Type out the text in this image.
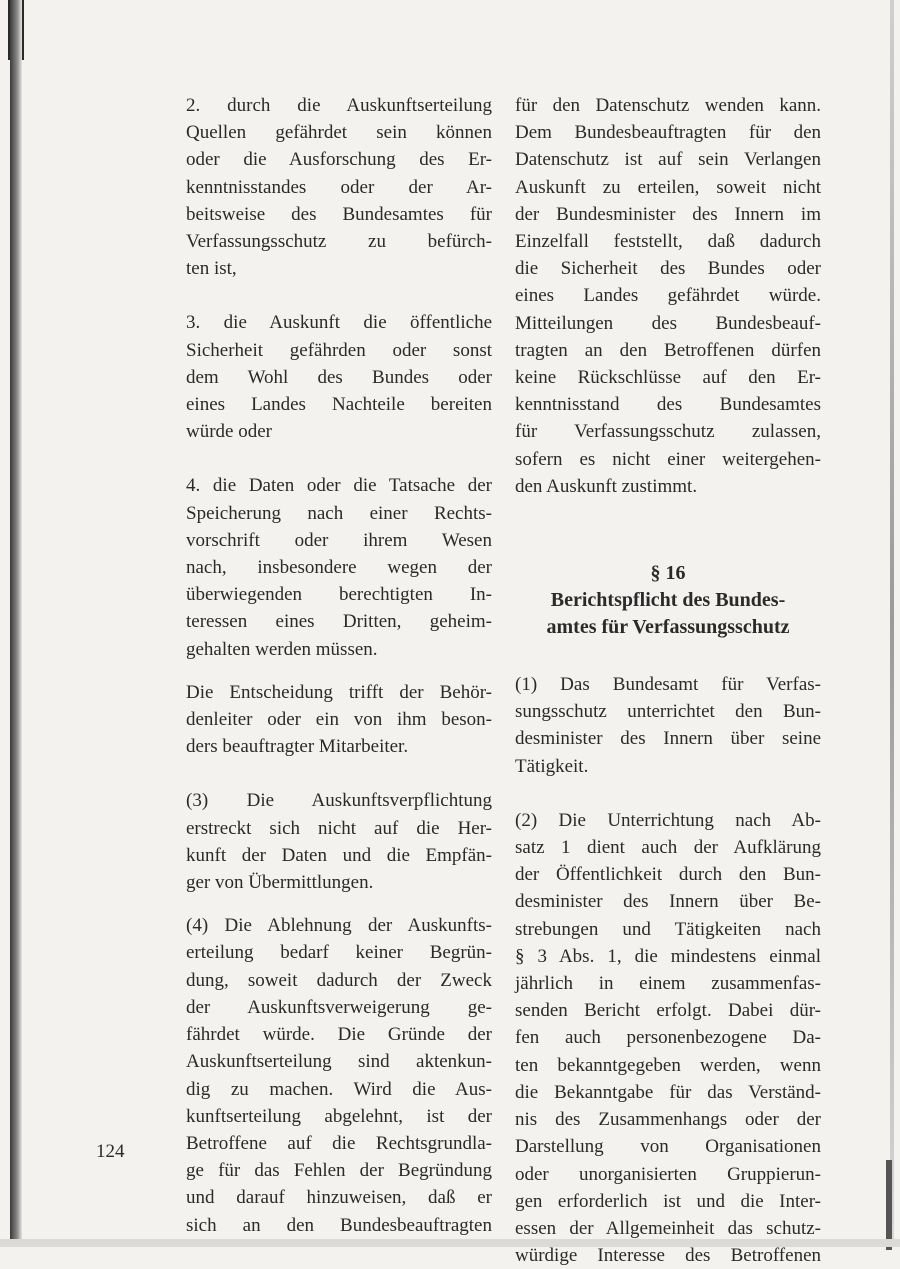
2. durch die Auskunftserteilung
Quellen gefährdet sein können
oder die Ausforschung des Er-
kenntnisstandes oder der Ar-
beitsweise des Bundesamtes für
Verfassungsschutz zu befürch-
ten ist,
3. die Auskunft die öffentliche
Sicherheit gefährden oder sonst
dem Wohl des Bundes oder
eines Landes Nachteile bereiten
würde oder
4. die Daten oder die Tatsache der
Speicherung nach einer Rechts-
vorschrift oder ihrem Wesen
nach, insbesondere wegen der
überwiegenden berechtigten In-
teressen eines Dritten, geheim-
gehalten werden müssen.
Die Entscheidung trifft der Behör-
denleiter oder ein von ihm beson-
ders beauftragter Mitarbeiter.
(3) Die Auskunftsverpflichtung
erstreckt sich nicht auf die Her-
kunft der Daten und die Empfän-
ger von Übermittlungen.
(4) Die Ablehnung der Auskunfts-
erteilung bedarf keiner Begrün-
dung, soweit dadurch der Zweck
der Auskunftsverweigerung ge-
fährdet würde. Die Gründe der
Auskunftserteilung sind aktenkun-
dig zu machen. Wird die Aus-
kunftserteilung abgelehnt, ist der
Betroffene auf die Rechtsgrundla-
ge für das Fehlen der Begründung
und darauf hinzuweisen, daß er
sich an den Bundesbeauftragten
für den Datenschutz wenden kann.
Dem Bundesbeauftragten für den
Datenschutz ist auf sein Verlangen
Auskunft zu erteilen, soweit nicht
der Bundesminister des Innern im
Einzelfall feststellt, daß dadurch
die Sicherheit des Bundes oder
eines Landes gefährdet würde.
Mitteilungen des Bundesbeauf-
tragten an den Betroffenen dürfen
keine Rückschlüsse auf den Er-
kenntnisstand des Bundesamtes
für Verfassungsschutz zulassen,
sofern es nicht einer weitergehen-
den Auskunft zustimmt.
§ 16
Berichtspflicht des Bundes-
amtes für Verfassungsschutz
(1) Das Bundesamt für Verfas-
sungsschutz unterrichtet den Bun-
desminister des Innern über seine
Tätigkeit.
(2) Die Unterrichtung nach Ab-
satz 1 dient auch der Aufklärung
der Öffentlichkeit durch den Bun-
desminister des Innern über Be-
strebungen und Tätigkeiten nach
§ 3 Abs. 1, die mindestens einmal
jährlich in einem zusammenfas-
senden Bericht erfolgt. Dabei dür-
fen auch personenbezogene Da-
ten bekanntgegeben werden, wenn
die Bekanntgabe für das Verständ-
nis des Zusammenhangs oder der
Darstellung von Organisationen
oder unorganisierten Gruppierun-
gen erforderlich ist und die Inter-
essen der Allgemeinheit das schutz-
würdige Interesse des Betroffenen
124
